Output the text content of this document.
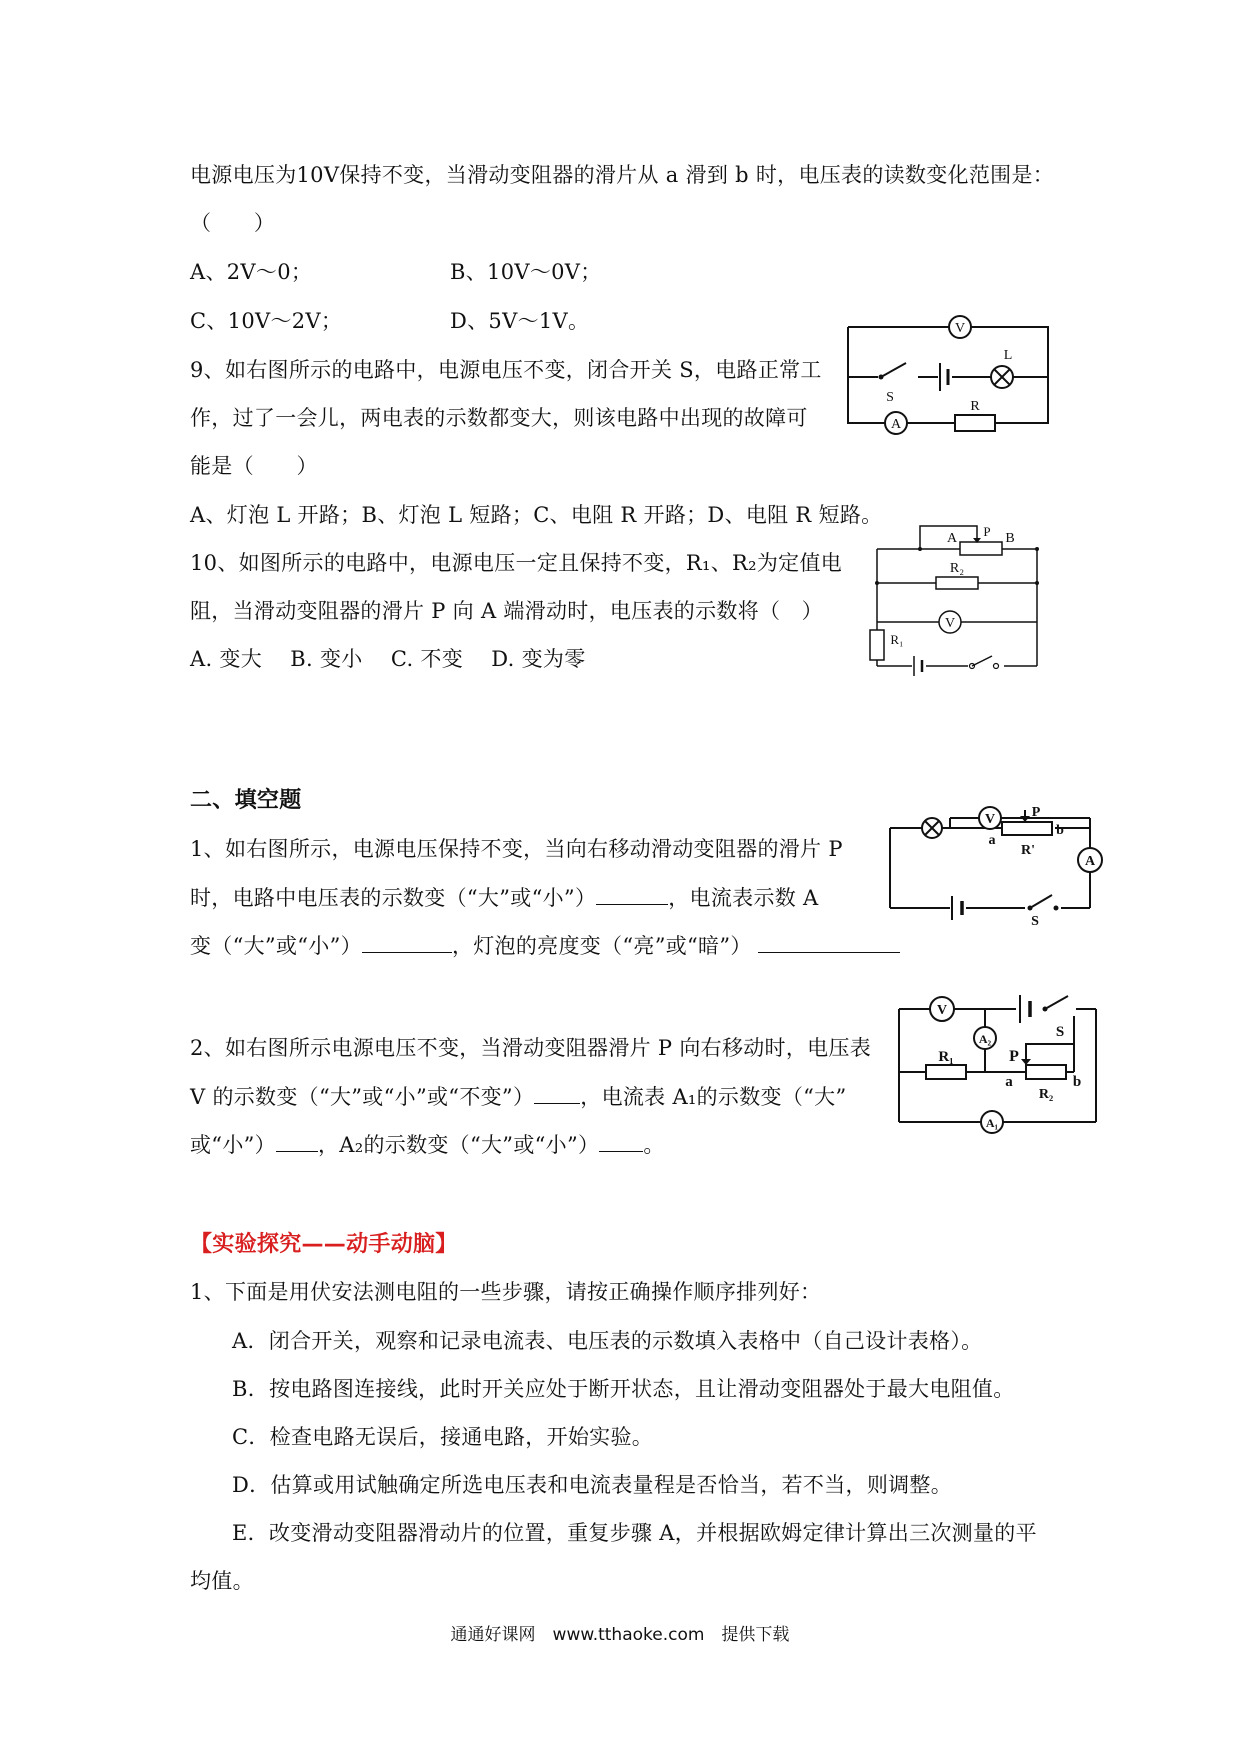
电源电压为10V保持不变，当滑动变阻器的滑片从 a 滑到 b 时，电压表的读数变化范围是：
（　　）
A、2V～0；	B、10V～0V；
C、10V～2V；	D、5V～1V。
9、如右图所示的电路中，电源电压不变，闭合开关 S，电路正常工
作，过了一会儿，两电表的示数都变大，则该电路中出现的故障可
能是（　　）
A、灯泡 L 开路；B、灯泡 L 短路；C、电阻 R 开路；D、电阻 R 短路。
V
S
L
A
R
10、如图所示的电路中，电源电压一定且保持不变，R₁、R₂为定值电
阻，当滑动变阻器的滑片 P 向 A 端滑动时，电压表的示数将（　）
A. 变大　 B. 变小　 C. 不变　 D. 变为零
A	B
P
R₂
V
R₁
二、填空题
1、如右图所示，电源电压保持不变，当向右移动滑动变阻器的滑片 P
时，电路中电压表的示数变（“大”或“小”）	，电流表示数 A
变（“大”或“小”）	，灯泡的亮度变（“亮”或“暗”）
V	P
a
b
R'
A
S
2、如右图所示电源电压不变，当滑动变阻器滑片 P 向右移动时，电压表
V 的示数变（“大”或“小”或“不变”） ，电流表 A₁的示数变（“大”
或“小”） ，A₂的示数变（“大”或“小”） 。
V
S
A₂
R₁	P
a	b
R₂
A₁
【实验探究——动手动脑】
1、下面是用伏安法测电阻的一些步骤，请按正确操作顺序排列好：
A．闭合开关，观察和记录电流表、电压表的示数填入表格中（自己设计表格）。
B．按电路图连接线，此时开关应处于断开状态，且让滑动变阻器处于最大电阻值。
C．检查电路无误后，接通电路，开始实验。
D．估算或用试触确定所选电压表和电流表量程是否恰当，若不当，则调整。
E．改变滑动变阻器滑动片的位置，重复步骤 A，并根据欧姆定律计算出三次测量的平
均值。
通通好课网　www.tthaoke.com　提供下载
